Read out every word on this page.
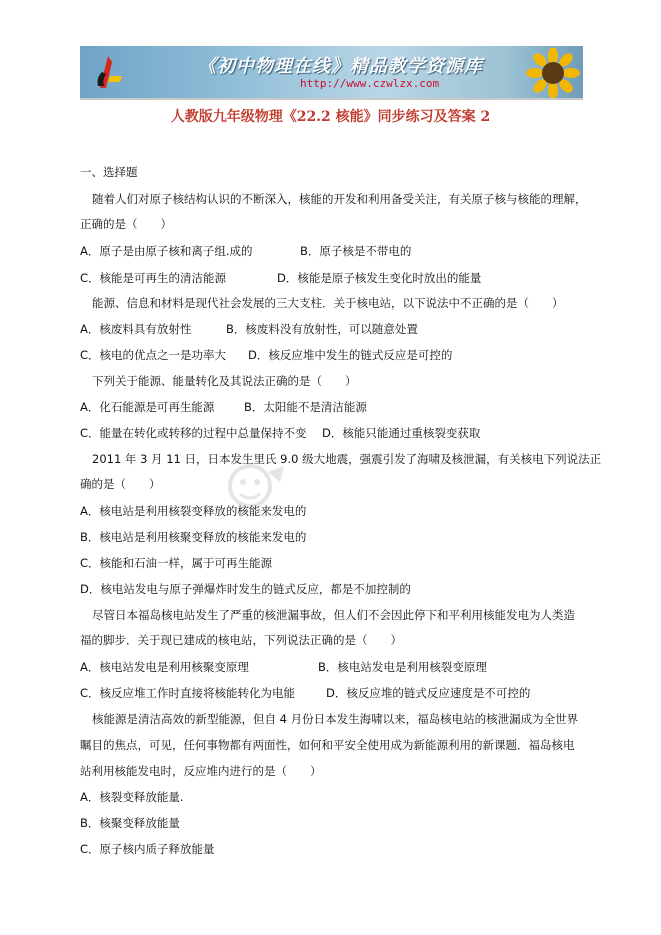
《初中物理在线》精品教学资源库
http://www.czwlzx.com
人教版九年级物理《22.2 核能》同步练习及答案 2
一、选择题
随着人们对原子核结构认识的不断深入，核能的开发和利用备受关注，有关原子核与核能的理解，
正确的是（　　）
A．原子是由原子核和离子组.成的	B．原子核是不带电的
C．核能是可再生的清洁能源	D．核能是原子核发生变化时放出的能量
能源、信息和材料是现代社会发展的三大支柱．关于核电站，以下说法中不正确的是（　　）
A．核废料具有放射性	B．核废料没有放射性，可以随意处置
C．核电的优点之一是功率大 D．核反应堆中发生的链式反应是可控的
下列关于能源、能量转化及其说法正确的是（　　）
A．化石能源是可再生能源	B．太阳能不是清洁能源
C．能量在转化或转移的过程中总量保持不变 D．核能只能通过重核裂变获取
2011 年 3 月 11 日，日本发生里氏 9.0 级大地震，强震引发了海啸及核泄漏，有关核电下列说法正
确的是（　　）
A．核电站是利用核裂变释放的核能来发电的
B．核电站是利用核聚变释放的核能来发电的
C．核能和石油一样，属于可再生能源
D．核电站发电与原子弹爆炸时发生的链式反应，都是不加控制的
尽管日本福岛核电站发生了严重的核泄漏事故，但人们不会因此停下和平利用核能发电为人类造
福的脚步．关于现已建成的核电站，下列说法正确的是（　　）
A．核电站发电是利用核聚变原理	B．核电站发电是利用核裂变原理
C．核反应堆工作时直接将核能转化为电能	D．核反应堆的链式反应速度是不可控的
核能源是清洁高效的新型能源，但自 4 月份日本发生海啸以来，福岛核电站的核泄漏成为全世界
瞩目的焦点，可见，任何事物都有两面性，如何和平安全使用成为新能源利用的新课题．福岛核电
站利用核能发电时，反应堆内进行的是（　　）
A．核裂变释放能量.
B．核聚变释放能量
C．原子核内质子释放能量
